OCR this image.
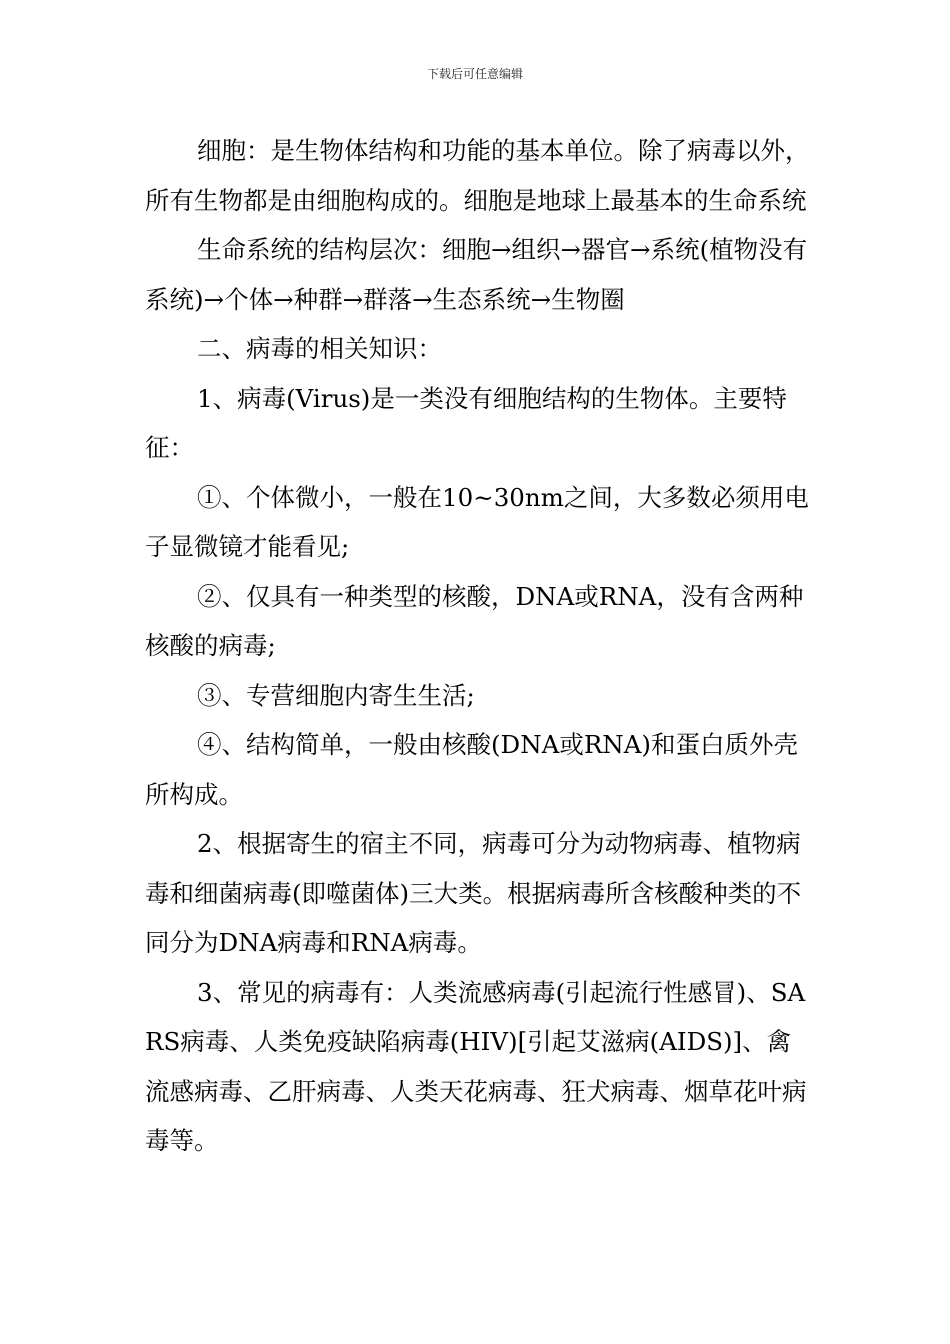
下载后可任意编辑

细胞：是生物体结构和功能的基本单位。除了病毒以外，所有生物都是由细胞构成的。细胞是地球上最基本的生命系统

生命系统的结构层次：细胞→组织→器官→系统(植物没有系统)→个体→种群→群落→生态系统→生物圈

二、病毒的相关知识：

1、病毒(Virus)是一类没有细胞结构的生物体。主要特征：

①、个体微小，一般在10~30nm之间，大多数必须用电子显微镜才能看见;

②、仅具有一种类型的核酸，DNA或RNA，没有含两种核酸的病毒;

③、专营细胞内寄生生活;

④、结构简单，一般由核酸(DNA或RNA)和蛋白质外壳所构成。

2、根据寄生的宿主不同，病毒可分为动物病毒、植物病毒和细菌病毒(即噬菌体)三大类。根据病毒所含核酸种类的不同分为DNA病毒和RNA病毒。

3、常见的病毒有：人类流感病毒(引起流行性感冒)、SARS病毒、人类免疫缺陷病毒(HIV)[引起艾滋病(AIDS)]、禽流感病毒、乙肝病毒、人类天花病毒、狂犬病毒、烟草花叶病毒等。
